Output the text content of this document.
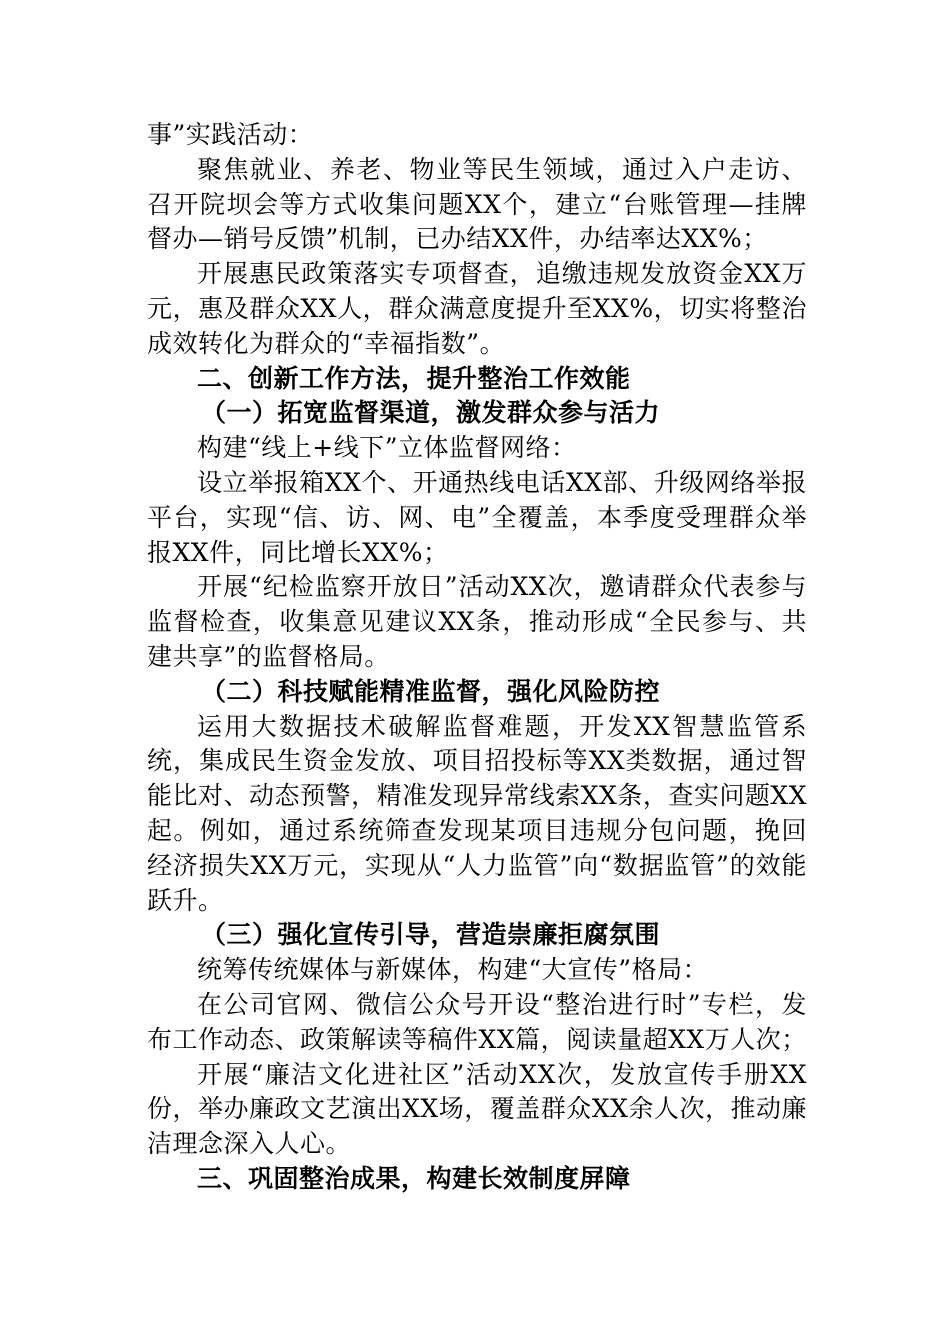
事”实践活动：

聚焦就业、养老、物业等民生领域，通过入户走访、召开院坝会等方式收集问题XX个，建立“台账管理—挂牌督办—销号反馈”机制，已办结XX件，办结率达XX%；

开展惠民政策落实专项督查，追缴违规发放资金XX万元，惠及群众XX人，群众满意度提升至XX%，切实将整治成效转化为群众的“幸福指数”。

二、创新工作方法，提升整治工作效能

（一）拓宽监督渠道，激发群众参与活力

构建“线上+线下”立体监督网络：

设立举报箱XX个、开通热线电话XX部、升级网络举报平台，实现“信、访、网、电”全覆盖，本季度受理群众举报XX件，同比增长XX%；

开展“纪检监察开放日”活动XX次，邀请群众代表参与监督检查，收集意见建议XX条，推动形成“全民参与、共建共享”的监督格局。

（二）科技赋能精准监督，强化风险防控

运用大数据技术破解监督难题，开发XX智慧监管系统，集成民生资金发放、项目招投标等XX类数据，通过智能比对、动态预警，精准发现异常线索XX条，查实问题XX起。例如，通过系统筛查发现某项目违规分包问题，挽回经济损失XX万元，实现从“人力监管”向“数据监管”的效能跃升。

（三）强化宣传引导，营造崇廉拒腐氛围

统筹传统媒体与新媒体，构建“大宣传”格局：

在公司官网、微信公众号开设“整治进行时”专栏，发布工作动态、政策解读等稿件XX篇，阅读量超XX万人次；

开展“廉洁文化进社区”活动XX次，发放宣传手册XX份，举办廉政文艺演出XX场，覆盖群众XX余人次，推动廉洁理念深入人心。

三、巩固整治成果，构建长效制度屏障
